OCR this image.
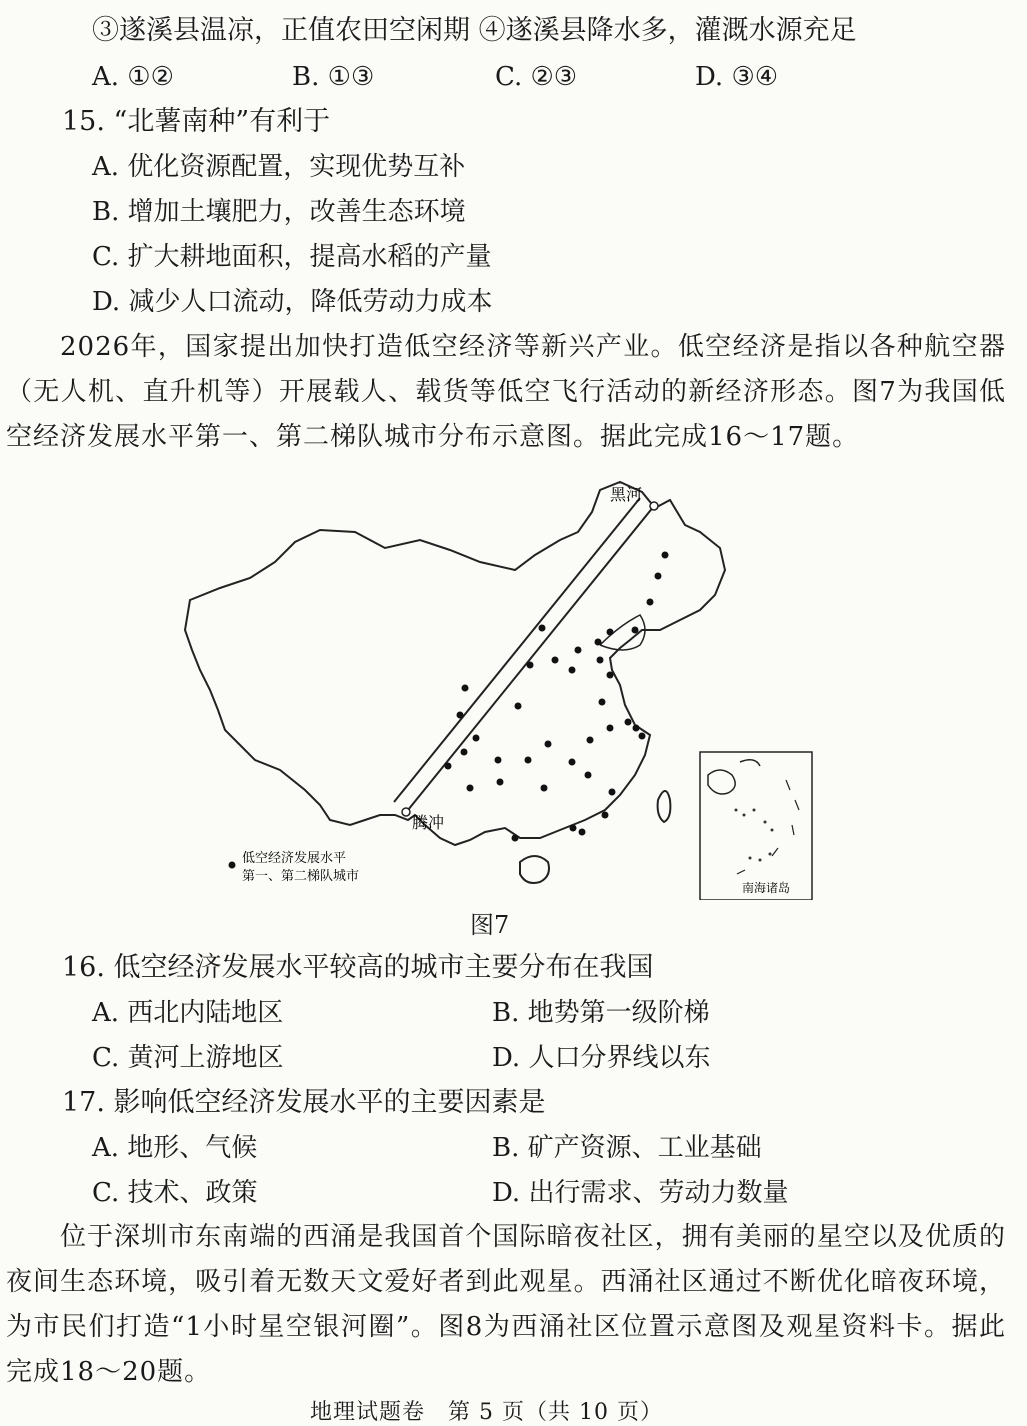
③遂溪县温凉，正值农田空闲期 ④遂溪县降水多，灌溉水源充足
A. ①②	B. ①③	C. ②③	D. ③④
15. “北薯南种”有利于
A. 优化资源配置，实现优势互补
B. 增加土壤肥力，改善生态环境
C. 扩大耕地面积，提高水稻的产量
D. 减少人口流动，降低劳动力成本
2026年，国家提出加快打造低空经济等新兴产业。低空经济是指以各种航空器（无人机、直升机等）开展载人、载货等低空飞行活动的新经济形态。图7为我国低空经济发展水平第一、第二梯队城市分布示意图。据此完成16～17题。
黑河
腾冲
低空经济发展水平
第一、第二梯队城市
南海诸岛
图7
16. 低空经济发展水平较高的城市主要分布在我国
A. 西北内陆地区	B. 地势第一级阶梯
C. 黄河上游地区	D. 人口分界线以东
17. 影响低空经济发展水平的主要因素是
A. 地形、气候	B. 矿产资源、工业基础
C. 技术、政策	D. 出行需求、劳动力数量
位于深圳市东南端的西涌是我国首个国际暗夜社区，拥有美丽的星空以及优质的夜间生态环境，吸引着无数天文爱好者到此观星。西涌社区通过不断优化暗夜环境，为市民们打造“1小时星空银河圈”。图8为西涌社区位置示意图及观星资料卡。据此完成18～20题。
地理试题卷　第 5 页（共 10 页）
